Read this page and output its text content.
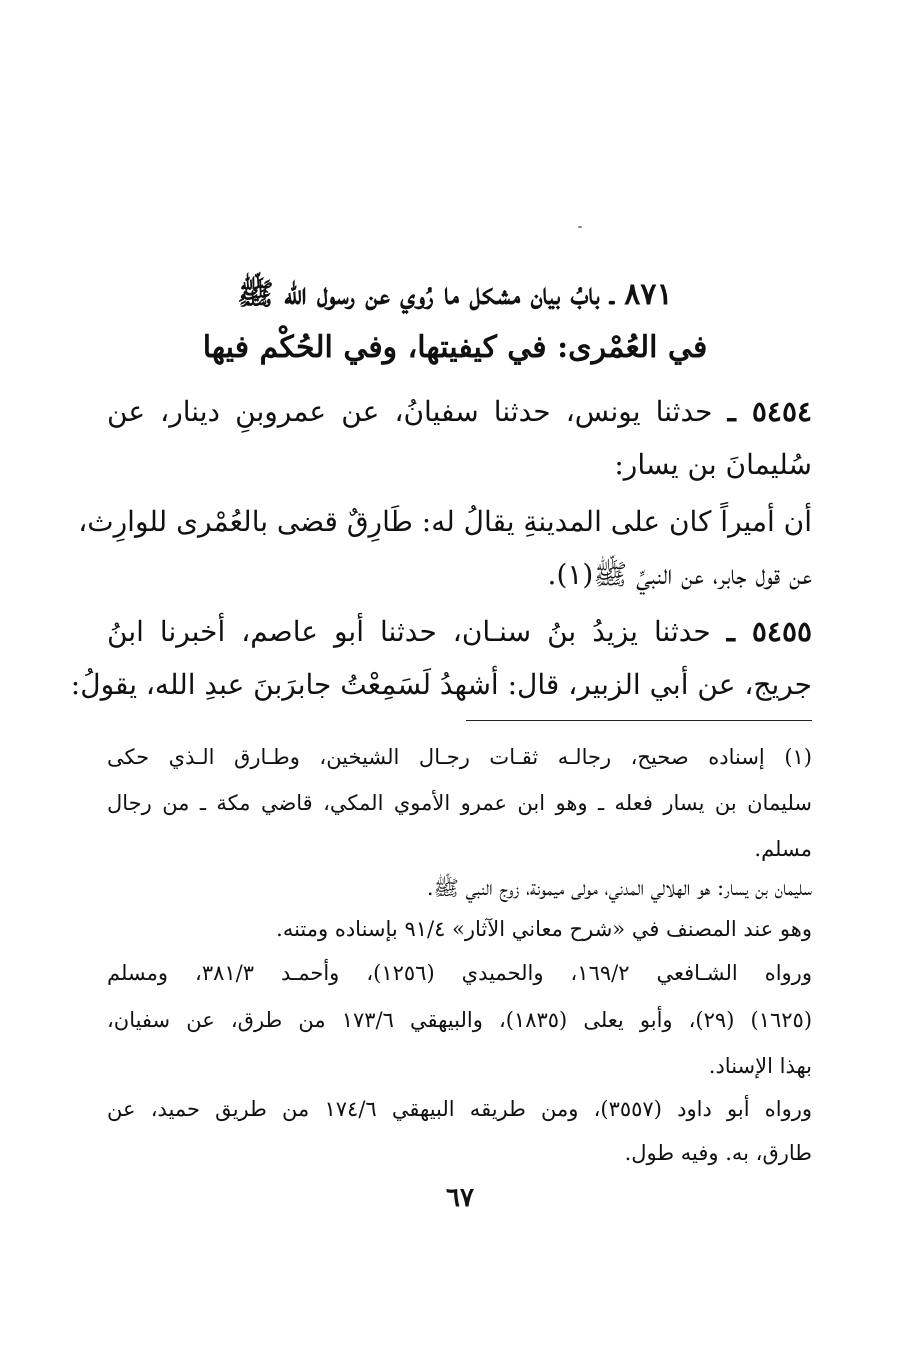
٨٧١ ـ بابُ بيان مشكل ما رُوي عن رسول الله ﷺ
في العُمْرى: في كيفيتها، وفي الحُكْم فيها
٥٤٥٤ ـ حدثنا يونس، حدثنا سفيانُ، عن عمروبنِ دينار، عن
سُليمانَ بن يسار:
أن أميراً كان على المدينةِ يقالُ له: طَارِقٌ قضى بالعُمْرى للوارِث،
عن قول جابر، عن النبيِّ ﷺ(١).
٥٤٥٥ ـ حدثنا يزيدُ بنُ سنـان، حدثنا أبو عاصم، أخبرنا ابنُ
جريج، عن أبي الزبير، قال: أشهدُ لَسَمِعْتُ جابرَبنَ عبدِ الله، يقولُ:
(١) إسناده صحيح، رجالـه ثقـات رجـال الشيخين، وطـارق الـذي حكى
سليمان بن يسار فعله ـ وهو ابن عمرو الأموي المكي، قاضي مكة ـ من رجال
مسلم.
سليمان بن يسار: هو الهلالي المدني، مولى ميمونة، زوج النبي ﷺ.
وهو عند المصنف في «شرح معاني الآثار» ٩١/٤ بإسناده ومتنه.
ورواه الشـافعي ١٦٩/٢، والحميدي (١٢٥٦)، وأحمـد ٣٨١/٣، ومسلم
(١٦٢٥) (٢٩)، وأبو يعلى (١٨٣٥)، والبيهقي ١٧٣/٦ من طرق، عن سفيان،
بهذا الإسناد.
ورواه أبو داود (٣٥٥٧)، ومن طريقه البيهقي ١٧٤/٦ من طريق حميد، عن
طارق، به. وفيه طول.
٦٧
